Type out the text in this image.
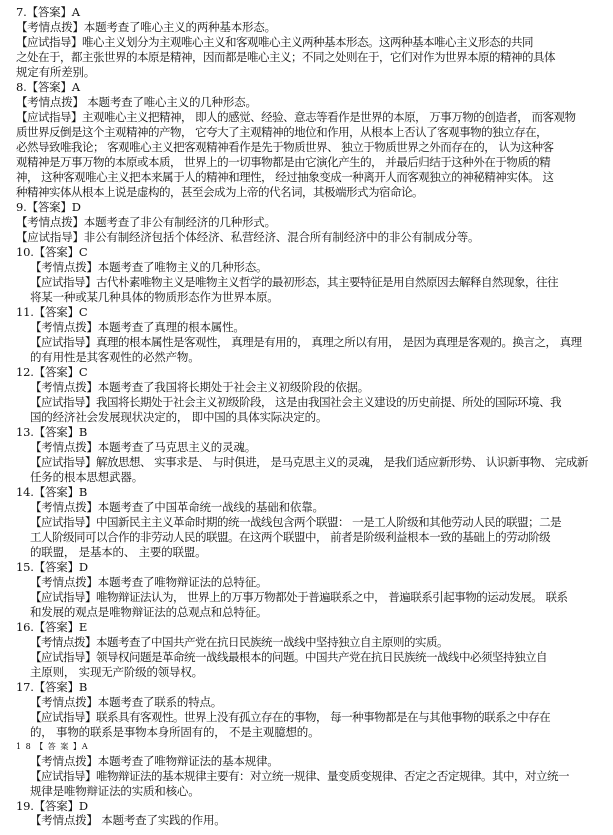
7.【答案】A
【考情点拨】本题考查了唯心主义的两种基本形态。
【应试指导】唯心主义划分为主观唯心主义和客观唯心主义两种基本形态。这两种基本唯心主义形态的共同
之处在于，都主张世界的本原是精神，因而都是唯心主义；不同之处则在于，它们对作为世界本原的精神的具体
规定有所差别。
8.【答案】A
【考情点拨】 本题考查了唯心主义的几种形态。
【应试指导】主观唯心主义把精神， 即人的感觉、经验、意志等看作是世界的本原， 万事万物的创造者， 而客观物
质世界反倒是这个主观精神的产物， 它夸大了主观精神的地位和作用，从根本上否认了客观事物的独立存在，
必然导致唯我论； 客观唯心主义把客观精神看作是先于物质世界、 独立于物质世界之外而存在的， 认为这种客
观精神是万事万物的本原或本质， 世界上的一切事物都是由它演化产生的， 并最后归结于这种外在于物质的精
神， 这种客观唯心主义把本来属于人的精神和理性， 经过抽象变成一种离开人而客观独立的神秘精神实体。 这
种精神实体从根本上说是虚构的，甚至会成为上帝的代名词，其极端形式为宿命论。
9.【答案】D
【考情点拨】本题考查了非公有制经济的几种形式。
【应试指导】非公有制经济包括个体经济、私营经济、混合所有制经济中的非公有制成分等。
10.【答案】C
【考情点拨】本题考查了唯物主义的几种形态。
【应试指导】古代朴素唯物主义是唯物主义哲学的最初形态，其主要特征是用自然原因去解释自然现象，往往
将某一种或某几种具体的物质形态作为世界本原。
11.【答案】C
【考情点拨】本题考查了真理的根本属性。
【应试指导】真理的根本属性是客观性， 真理是有用的， 真理之所以有用， 是因为真理是客观的。换言之， 真理
的有用性是其客观性的必然产物。
12.【答案】C
【考情点拨】本题考查了我国将长期处于社会主义初级阶段的依据。
【应试指导】我国将长期处于社会主义初级阶段， 这是由我国社会主义建设的历史前提、所处的国际环境、我
国的经济社会发展现状决定的， 即中国的具体实际决定的。
13.【答案】B
【考情点拨】本题考查了马克思主义的灵魂。
【应试指导】解放思想、 实事求是、 与时俱进， 是马克思主义的灵魂， 是我们适应新形势、 认识新事物、 完成新
任务的根本思想武器。
14.【答案】B
【考情点拨】本题考查了中国革命统一战线的基础和依靠。
【应试指导】中国新民主主义革命时期的统一战线包含两个联盟： 一是工人阶级和其他劳动人民的联盟；二是
工人阶级同可以合作的非劳动人民的联盟。在这两个联盟中， 前者是阶级利益根本一致的基础上的劳动阶级
的联盟， 是基本的、 主要的联盟。
15.【答案】D
【考情点拨】本题考查了唯物辩证法的总特征。
【应试指导】唯物辩证法认为， 世界上的万事万物都处于普遍联系之中， 普遍联系引起事物的运动发展。 联系
和发展的观点是唯物辩证法的总观点和总特征。
16.【答案】E
【考情点拨】本题考查了中国共产党在抗日民族统一战线中坚持独立自主原则的实质。
【应试指导】领导权问题是革命统一战线最根本的问题。中国共产党在抗日民族统一战线中必须坚持独立自
主原则， 实现无产阶级的领导权。
17.【答案】B
【考情点拨】本题考查了联系的特点。
【应试指导】联系具有客观性。世界上没有孤立存在的事物， 每一种事物都是在与其他事物的联系之中存在
的， 事物的联系是事物本身所固有的， 不是主观臆想的。
1 8 【 答 案 】A
【考情点拨】本题考查了唯物辩证法的基本规律。
【应试指导】唯物辩证法的基本规律主要有：对立统一规律、量变质变规律、否定之否定规律。其中，对立统一
规律是唯物辩证法的实质和核心。
19.【答案】D
【考情点拨】 本题考查了实践的作用。
